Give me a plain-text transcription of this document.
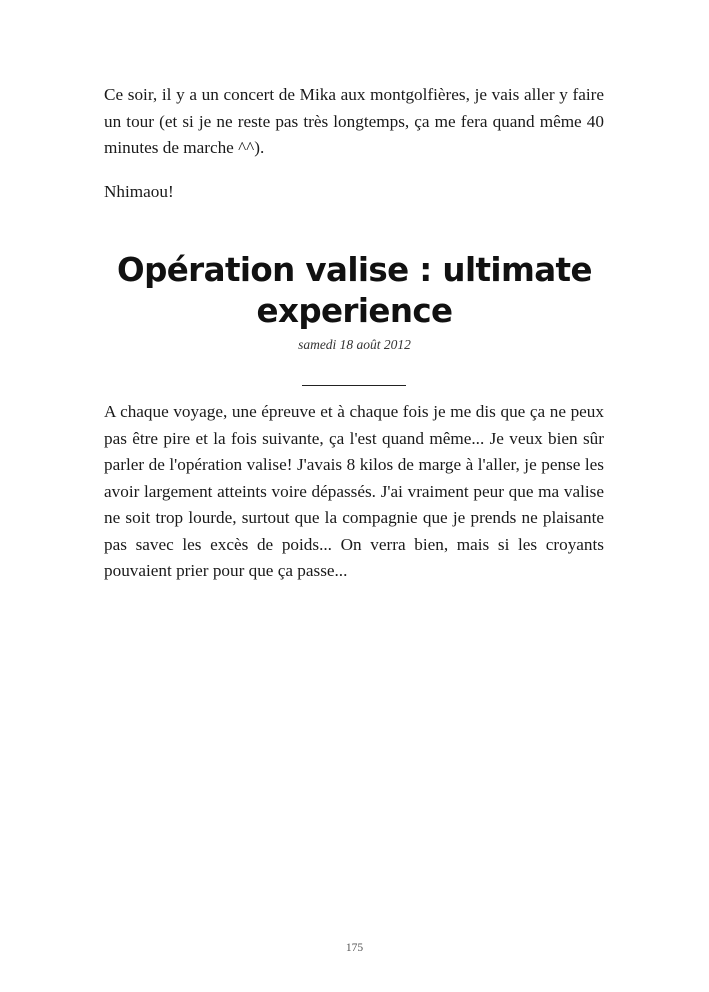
Ce soir, il y a un concert de Mika aux montgolfières, je vais aller y faire un tour (et si je ne reste pas très longtemps, ça me fera quand même 40 minutes de marche ^^).

Nhimaou!

Opération valise : ultimate experience
samedi 18 août 2012

A chaque voyage, une épreuve et à chaque fois je me dis que ça ne peux pas être pire et la fois suivante, ça l'est quand même... Je veux bien sûr parler de l'opération valise! J'avais 8 kilos de marge à l'aller, je pense les avoir largement atteints voire dépassés. J'ai vraiment peur que ma valise ne soit trop lourde, surtout que la compagnie que je prends ne plaisante pas savec les excès de poids... On verra bien, mais si les croyants pouvaient prier pour que ça passe...

175
